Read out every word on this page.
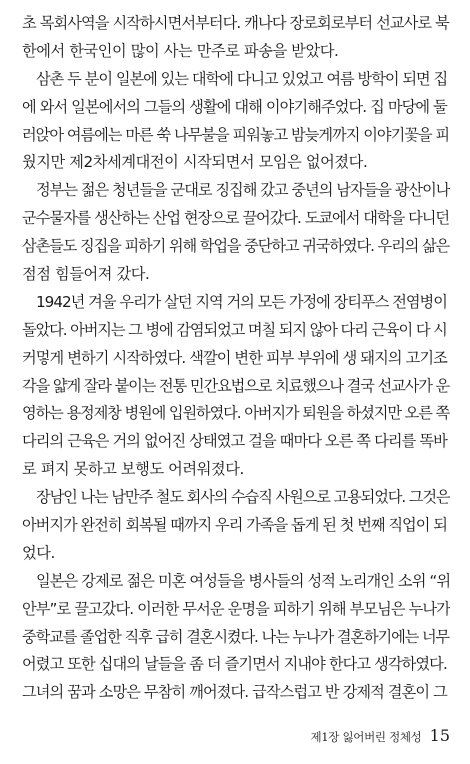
초 목회사역을 시작하시면서부터다. 캐나다 장로회로부터 선교사로 북
한에서 한국인이 많이 사는 만주로 파송을 받았다.
삼촌 두 분이 일본에 있는 대학에 다니고 있었고 여름 방학이 되면 집
에 와서 일본에서의 그들의 생활에 대해 이야기해주었다. 집 마당에 둘
러앉아 여름에는 마른 쑥 나무불을 피워놓고 밤늦게까지 이야기꽃을 피
웠지만 제2차세계대전이 시작되면서 모임은 없어졌다.
정부는 젊은 청년들을 군대로 징집해 갔고 중년의 남자들을 광산이나
군수물자를 생산하는 산업 현장으로 끌어갔다. 도쿄에서 대학을 다니던
삼촌들도 징집을 피하기 위해 학업을 중단하고 귀국하였다. 우리의 삶은
점점 힘들어져 갔다.
1942년 겨울 우리가 살던 지역 거의 모든 가정에 장티푸스 전염병이
돌았다. 아버지는 그 병에 감염되었고 며칠 되지 않아 다리 근육이 다 시
커멓게 변하기 시작하였다. 색깔이 변한 피부 부위에 생 돼지의 고기조
각을 얇게 잘라 붙이는 전통 민간요법으로 치료했으나 결국 선교사가 운
영하는 용정제창 병원에 입원하였다. 아버지가 퇴원을 하셨지만 오른 쪽
다리의 근육은 거의 없어진 상태였고 걸을 때마다 오른 쪽 다리를 똑바
로 펴지 못하고 보행도 어려워졌다.
장남인 나는 남만주 철도 회사의 수습직 사원으로 고용되었다. 그것은
아버지가 완전히 회복될 때까지 우리 가족을 돕게 된 첫 번째 직업이 되
었다.
일본은 강제로 젊은 미혼 여성들을 병사들의 성적 노리개인 소위 “위
안부”로 끌고갔다. 이러한 무서운 운명을 피하기 위해 부모님은 누나가
중학교를 졸업한 직후 급히 결혼시켰다. 나는 누나가 결혼하기에는 너무
어렸고 또한 십대의 날들을 좀 더 즐기면서 지내야 한다고 생각하였다.
그녀의 꿈과 소망은 무참히 깨어졌다. 급작스럽고 반 강제적 결혼이 그
제1장 잃어버린 정체성 15
